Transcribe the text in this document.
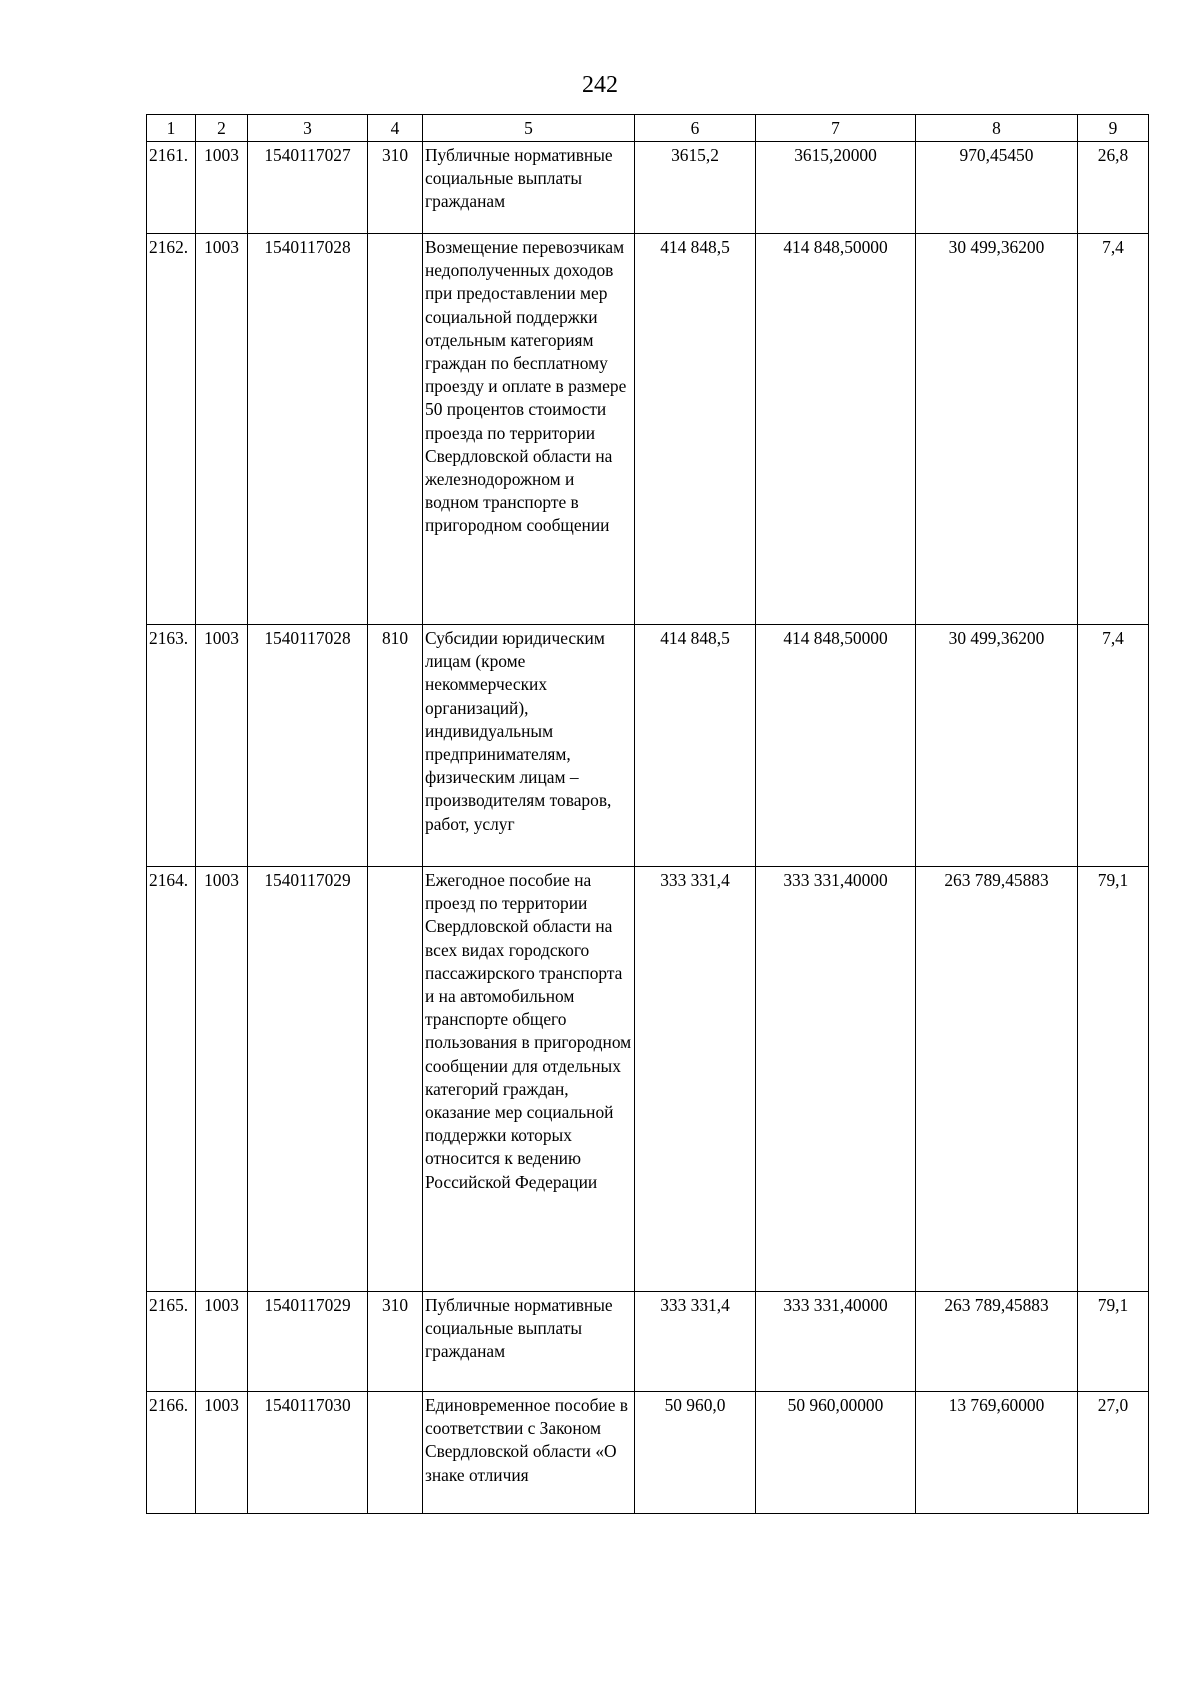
242
1	2	3	4	5	6	7	8	9
2161.	1003	1540117027	310	Публичные нормативные социальные выплаты гражданам	3615,2	3615,20000	970,45450	26,8
2162.	1003	1540117028		Возмещение перевозчикам недополученных доходов при предоставлении мер социальной поддержки отдельным категориям граждан по бесплатному проезду и оплате в размере 50 процентов стоимости проезда по территории Свердловской области на железнодорожном и водном транспорте в пригородном сообщении	414 848,5	414 848,50000	30 499,36200	7,4
2163.	1003	1540117028	810	Субсидии юридическим лицам (кроме некоммерческих организаций), индивидуальным предпринимателям, физическим лицам – производителям товаров, работ, услуг	414 848,5	414 848,50000	30 499,36200	7,4
2164.	1003	1540117029		Ежегодное пособие на проезд по территории Свердловской области на всех видах городского пассажирского транспорта и на автомобильном транспорте общего пользования в пригородном сообщении для отдельных категорий граждан, оказание мер социальной поддержки которых относится к ведению Российской Федерации	333 331,4	333 331,40000	263 789,45883	79,1
2165.	1003	1540117029	310	Публичные нормативные социальные выплаты гражданам	333 331,4	333 331,40000	263 789,45883	79,1
2166.	1003	1540117030		Единовременное пособие в соответствии с Законом Свердловской области «О знаке отличия	50 960,0	50 960,00000	13 769,60000	27,0
